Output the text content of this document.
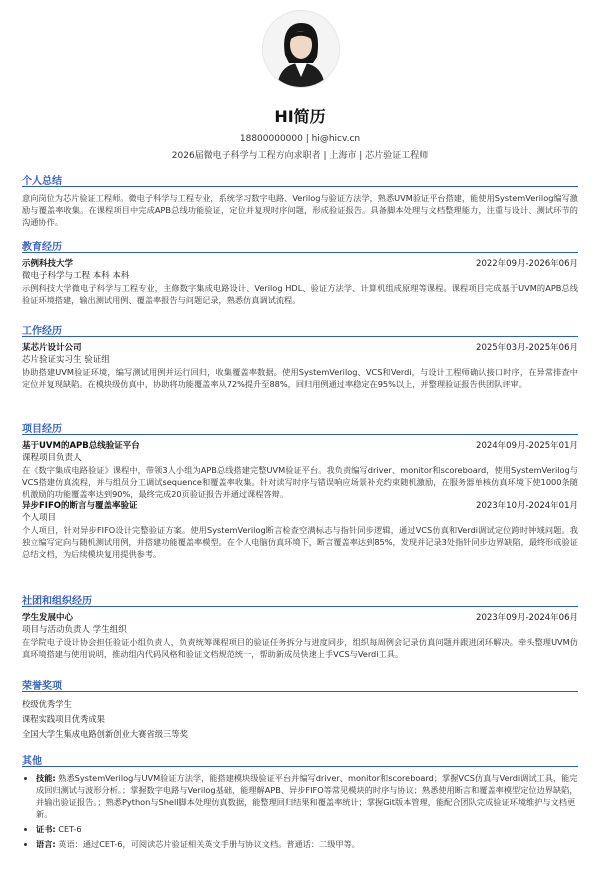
HI简历
18800000000 | hi@hicv.cn
2026届微电子科学与工程方向求职者 | 上海市 | 芯片验证工程师
个人总结
意向岗位为芯片验证工程师。微电子科学与工程专业，系统学习数字电路、Verilog与验证方法学，熟悉UVM验证平台搭建，能使用SystemVerilog编写激励与覆盖率收集。在课程项目中完成APB总线功能验证，定位并复现时序问题，形成验证报告。具备脚本处理与文档整理能力，注重与设计、测试环节的沟通协作。
教育经历
示例科技大学	2022年09月-2026年06月
微电子科学与工程 本科 本科
示例科技大学微电子科学与工程专业，主修数字集成电路设计、Verilog HDL、验证方法学、计算机组成原理等课程。课程项目完成基于UVM的APB总线验证环境搭建，输出测试用例、覆盖率报告与问题记录，熟悉仿真调试流程。
工作经历
某芯片设计公司	2025年03月-2025年06月
芯片验证实习生 验证组
协助搭建UVM验证环境，编写测试用例并运行回归，收集覆盖率数据。使用SystemVerilog、VCS和Verdi，与设计工程师确认接口时序，在异常排查中定位并复现缺陷。在模块级仿真中，协助将功能覆盖率从72%提升至88%，回归用例通过率稳定在95%以上，并整理验证报告供团队评审。
项目经历
基于UVM的APB总线验证平台	2024年09月-2025年01月
课程项目负责人
在《数字集成电路验证》课程中，带领3人小组为APB总线搭建完整UVM验证平台。我负责编写driver、monitor和scoreboard，使用SystemVerilog与VCS搭建仿真流程，并与组员分工调试sequence和覆盖率收集。针对读写时序与错误响应场景补充约束随机激励，在服务器单核仿真环境下使1000条随机激励的功能覆盖率达到90%，最终完成20页验证报告并通过课程答辩。
异步FIFO的断言与覆盖率验证	2023年10月-2024年01月
个人项目
个人项目，针对异步FIFO设计完整验证方案。使用SystemVerilog断言检查空满标志与指针同步逻辑，通过VCS仿真和Verdi调试定位跨时钟域问题。我独立编写定向与随机测试用例，并搭建功能覆盖率模型。在个人电脑仿真环境下，断言覆盖率达到85%，发现并记录3处指针同步边界缺陷，最终形成验证总结文档，为后续模块复用提供参考。
社团和组织经历
学生发展中心	2023年09月-2024年06月
项目与活动负责人 学生组织
在学院电子设计协会担任验证小组负责人，负责统筹课程项目的验证任务拆分与进度同步，组织每周例会记录仿真问题并跟进闭环解决。牵头整理UVM仿真环境搭建与使用说明，推动组内代码风格和验证文档规范统一，帮助新成员快速上手VCS与Verdi工具。
荣誉奖项
校级优秀学生
课程实践项目优秀成果
全国大学生集成电路创新创业大赛省级三等奖
其他
• 技能: 熟悉SystemVerilog与UVM验证方法学，能搭建模块级验证平台并编写driver、monitor和scoreboard；掌握VCS仿真与Verdi调试工具，能完成回归测试与波形分析。；掌握数字电路与Verilog基础，能理解APB、异步FIFO等常见模块的时序与协议；熟悉使用断言和覆盖率模型定位边界缺陷，并输出验证报告。；熟悉Python与Shell脚本处理仿真数据，能整理回归结果和覆盖率统计；掌握Git版本管理，能配合团队完成验证环境维护与文档更新。
• 证书: CET-6
• 语言: 英语：通过CET-6，可阅读芯片验证相关英文手册与协议文档。普通话：二级甲等。
